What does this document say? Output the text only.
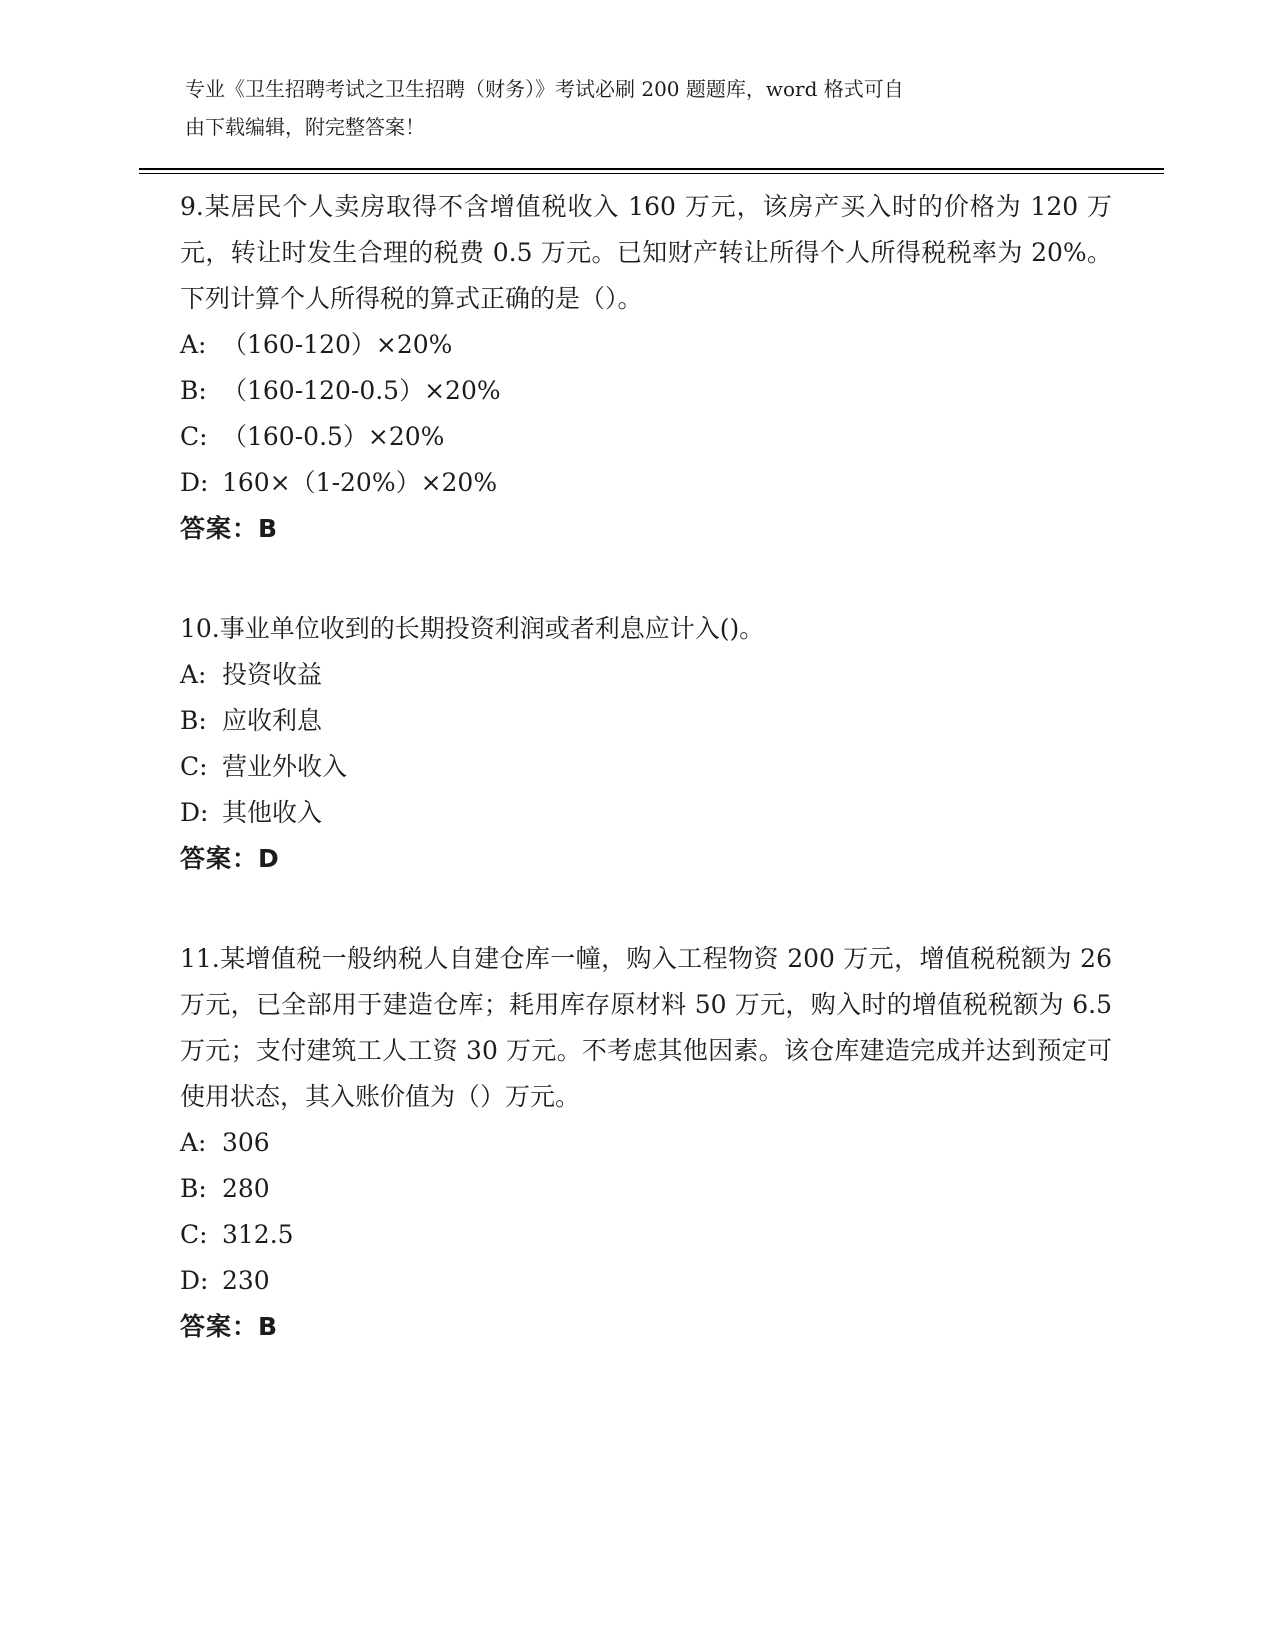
专业《卫生招聘考试之卫生招聘（财务）》考试必刷 200 题题库，word 格式可自
由下载编辑，附完整答案！

9.某居民个人卖房取得不含增值税收入 160 万元，该房产买入时的价格为 120 万元，转让时发生合理的税费 0.5 万元。已知财产转让所得个人所得税税率为 20%。下列计算个人所得税的算式正确的是（）。

A: （160-120）×20%
B: （160-120-0.5）×20%
C: （160-0.5）×20%
D: 160×（1-20%）×20%
答案：B

10.事业单位收到的长期投资利润或者利息应计入()。

A: 投资收益
B: 应收利息
C: 营业外收入
D: 其他收入
答案：D

11.某增值税一般纳税人自建仓库一幢，购入工程物资 200 万元，增值税税额为 26 万元，已全部用于建造仓库；耗用库存原材料 50 万元，购入时的增值税税额为 6.5 万元；支付建筑工人工资 30 万元。不考虑其他因素。该仓库建造完成并达到预定可使用状态，其入账价值为（）万元。

A: 306
B: 280
C: 312.5
D: 230
答案：B
